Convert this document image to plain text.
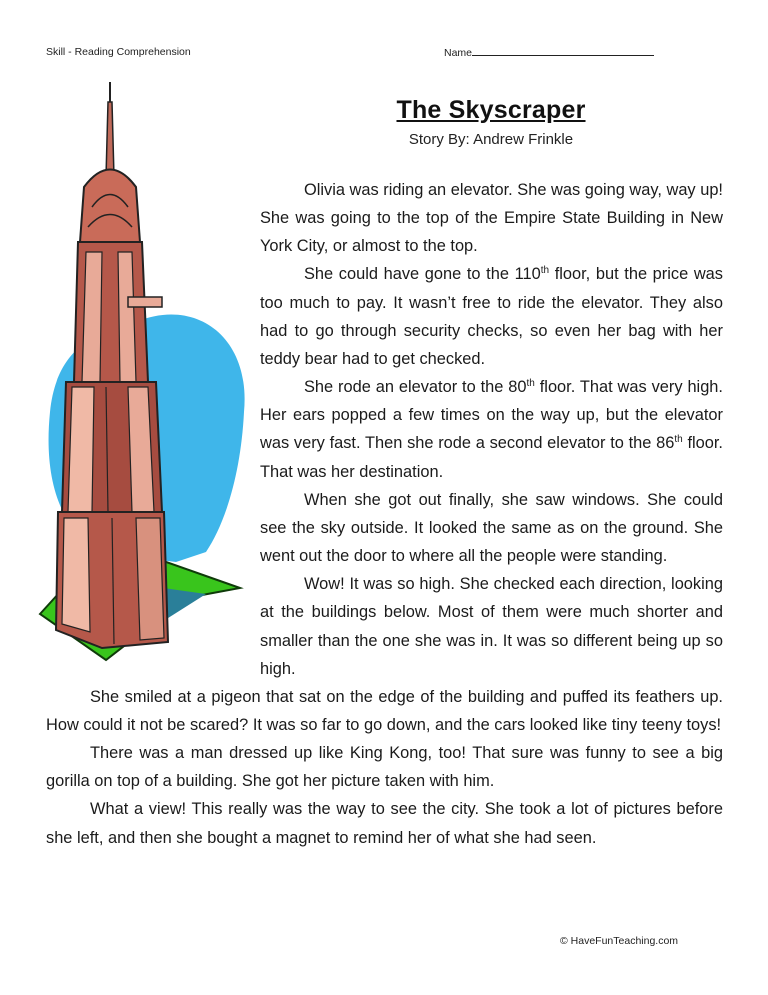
Skill - Reading Comprehension	Name
The Skyscraper
Story By: Andrew Frinkle

Olivia was riding an elevator. She was going way, way up! She was going to the top of the Empire State Building in New York City, or almost to the top.

She could have gone to the 110th floor, but the price was too much to pay. It wasn’t free to ride the elevator. They also had to go through security checks, so even her bag with her teddy bear had to get checked.

She rode an elevator to the 80th floor. That was very high. Her ears popped a few times on the way up, but the elevator was very fast. Then she rode a second elevator to the 86th floor. That was her destination.

When she got out finally, she saw windows. She could see the sky outside. It looked the same as on the ground. She went out the door to where all the people were standing.

Wow! It was so high. She checked each direction, looking at the buildings below. Most of them were much shorter and smaller than the one she was in. It was so different being up so high.

She smiled at a pigeon that sat on the edge of the building and puffed its feathers up. How could it not be scared? It was so far to go down, and the cars looked like tiny teeny toys!

There was a man dressed up like King Kong, too! That sure was funny to see a big gorilla on top of a building. She got her picture taken with him.

What a view! This really was the way to see the city. She took a lot of pictures before she left, and then she bought a magnet to remind her of what she had seen.

© HaveFunTeaching.com
